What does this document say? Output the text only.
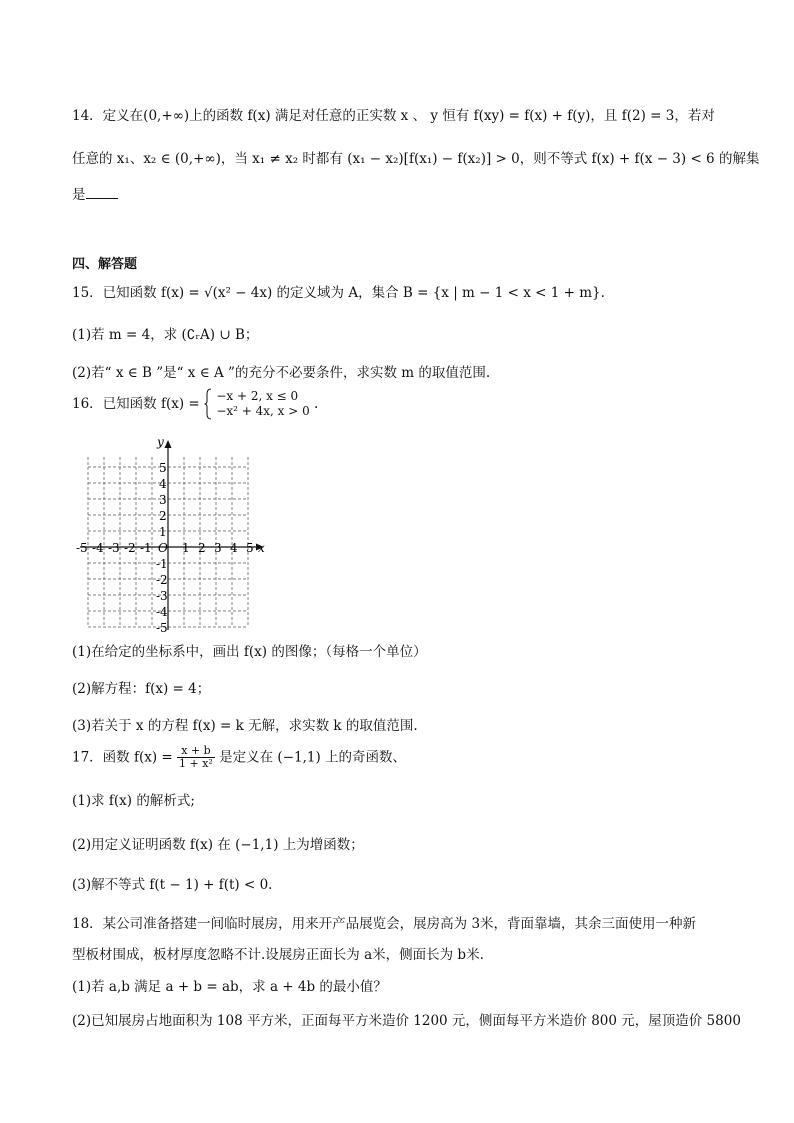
14．定义在(0,+∞)上的函数 f(x) 满足对任意的正实数 x 、 y 恒有 f(xy) = f(x) + f(y)，且 f(2) = 3，若对
任意的 x₁、x₂ ∈ (0,+∞)，当 x₁ ≠ x₂ 时都有 (x₁ − x₂)[f(x₁) − f(x₂)] > 0，则不等式 f(x) + f(x − 3) < 6 的解集
是
四、解答题
15．已知函数 f(x) = √(x² − 4x) 的定义域为 A，集合 B = {x | m − 1 < x < 1 + m}.
(1)若 m = 4，求 (∁ᵣA) ∪ B；
(2)若“ x ∈ B ”是“ x ∈ A ”的充分不必要条件，求实数 m 的取值范围.
16．已知函数 f(x) = −x + 2, x ≤ 0
−x² + 4x, x > 0 .
y
x
O
-5 -4 -3 -2 -1	1 2 3 4 5
5
4
3
2
1
-1
-2
-3
-4
-5
(1)在给定的坐标系中，画出 f(x) 的图像；（每格一个单位）
(2)解方程：f(x) = 4；
(3)若关于 x 的方程 f(x) = k 无解，求实数 k 的取值范围.
17．函数 $f(x) = \frac{x + b}{\text{1 + x²}}$ 是定义在 (−1,1) 上的奇函数、
(1)求 f(x) 的解析式;
(2)用定义证明函数 f(x) 在 (−1,1) 上为增函数；
(3)解不等式 f(t − 1) + f(t) < 0.
18．某公司准备搭建一间临时展房，用来开产品展览会，展房高为 3米，背面靠墙，其余三面使用一种新
型板材围成，板材厚度忽略不计.设展房正面长为 a米，侧面长为 b米.
(1)若 a,b 满足 a + b = ab，求 a + 4b 的最小值？
(2)已知展房占地面积为 108 平方米，正面每平方米造价 1200 元，侧面每平方米造价 800 元，屋顶造价 5800
